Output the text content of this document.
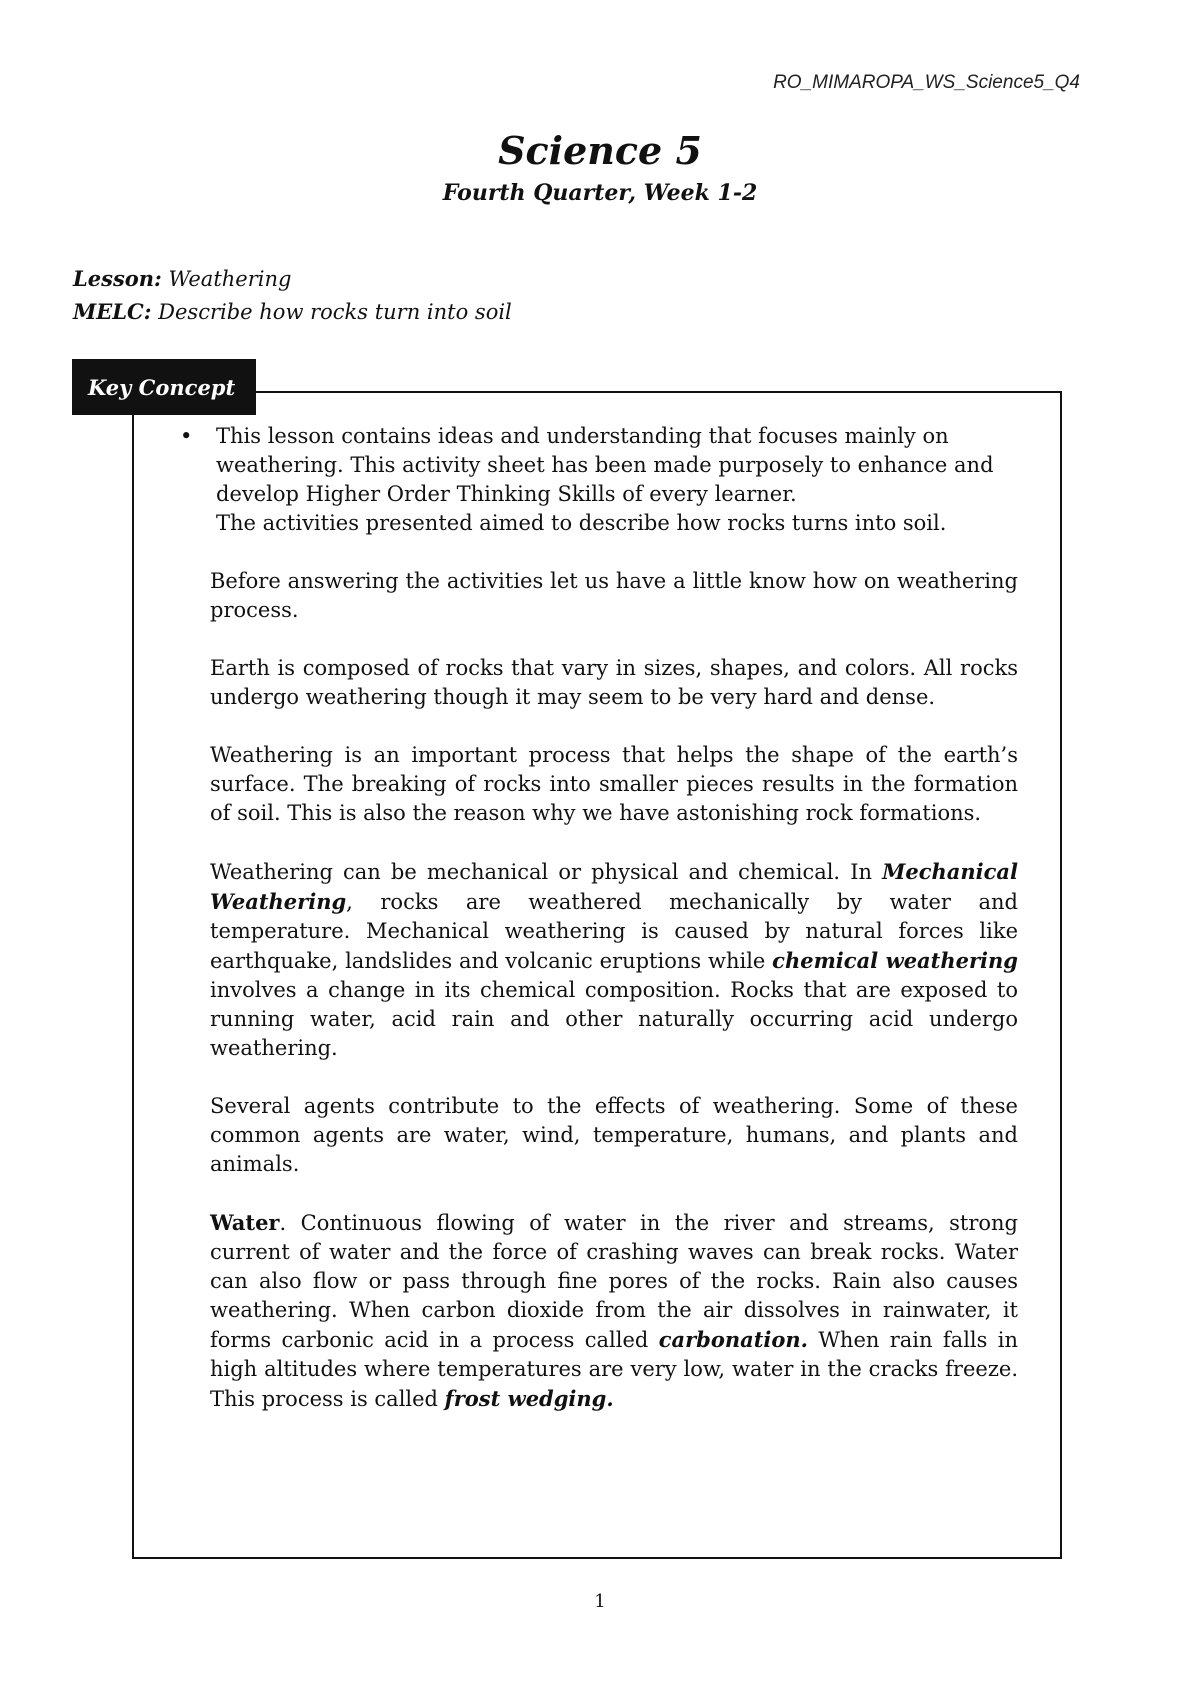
RO_MIMAROPA_WS_Science5_Q4
Science 5
Fourth Quarter, Week 1-2
Lesson: Weathering
MELC: Describe how rocks turn into soil
Key Concept
•	This lesson contains ideas and understanding that focuses mainly on weathering. This activity sheet has been made purposely to enhance and develop Higher Order Thinking Skills of every learner.
The activities presented aimed to describe how rocks turns into soil.

Before answering the activities let us have a little know how on weathering process.

Earth is composed of rocks that vary in sizes, shapes, and colors. All rocks undergo weathering though it may seem to be very hard and dense.

Weathering is an important process that helps the shape of the earth’s surface. The breaking of rocks into smaller pieces results in the formation of soil. This is also the reason why we have astonishing rock formations.

Weathering can be mechanical or physical and chemical. In Mechanical Weathering, rocks are weathered mechanically by water and temperature. Mechanical weathering is caused by natural forces like earthquake, landslides and volcanic eruptions while chemical weathering involves a change in its chemical composition. Rocks that are exposed to running water, acid rain and other naturally occurring acid undergo weathering.

Several agents contribute to the effects of weathering. Some of these common agents are water, wind, temperature, humans, and plants and animals.

Water. Continuous flowing of water in the river and streams, strong current of water and the force of crashing waves can break rocks. Water can also flow or pass through fine pores of the rocks. Rain also causes weathering. When carbon dioxide from the air dissolves in rainwater, it forms carbonic acid in a process called carbonation. When rain falls in high altitudes where temperatures are very low, water in the cracks freeze. This process is called frost wedging.

1
